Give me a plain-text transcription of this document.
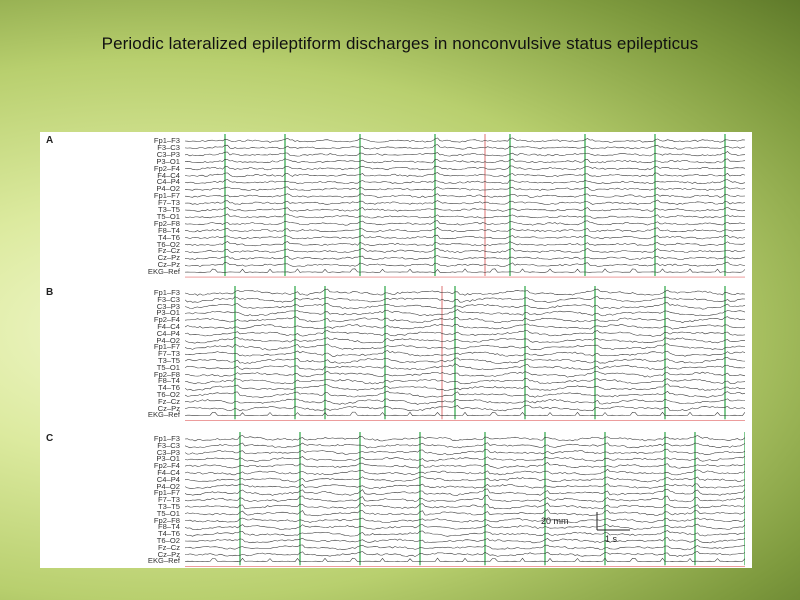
Periodic lateralized epileptiform discharges in nonconvulsive status epilepticus
A	Fp1–F3
F3–C3
C3–P3
P3–O1
Fp2–F4
F4–C4
C4–P4
P4–O2
Fp1–F7
F7–T3
T3–T5
T5–O1
Fp2–F8
F8–T4
T4–T6
T6–O2
Fz–Cz
Cz–Pz
Cz–Pz
EKG–Ref
B	Fp1–F3
F3–C3
C3–P3
P3–O1
Fp2–F4
F4–C4
C4–P4
P4–O2
Fp1–F7
F7–T3
T3–T5
T5–O1
Fp2–F8
F8–T4
T4–T6
T6–O2
Fz–Cz
Cz–Pz
EKG–Ref
C	Fp1–F3
F3–C3
C3–P3
P3–O1
Fp2–F4
F4–C4
C4–P4
P4–O2
Fp1–F7
F7–T3
T3–T5
T5–O1
Fp2–F8
F8–T4
T4–T6
T6–O2
Fz–Cz
Cz–Pz
EKG–Ref
20 mm
1 s
